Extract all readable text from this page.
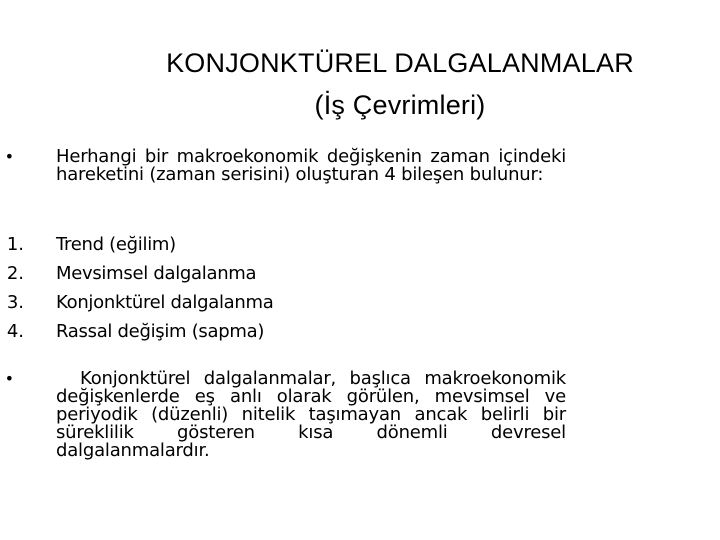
KONJONKTÜREL DALGALANMALAR
(İş Çevrimleri)
• Herhangi bir makroekonomik değişkenin zaman içindeki hareketini (zaman serisini) oluşturan 4 bileşen bulunur:
1. Trend (eğilim)
2. Mevsimsel dalgalanma
3. Konjonktürel dalgalanma
4. Rassal değişim (sapma)
•	Konjonktürel dalgalanmalar, başlıca makroekonomik değişkenlerde eş anlı olarak görülen, mevsimsel ve periyodik (düzenli) nitelik taşımayan ancak belirli bir süreklilik gösteren kısa dönemli devresel dalgalanmalardır.
